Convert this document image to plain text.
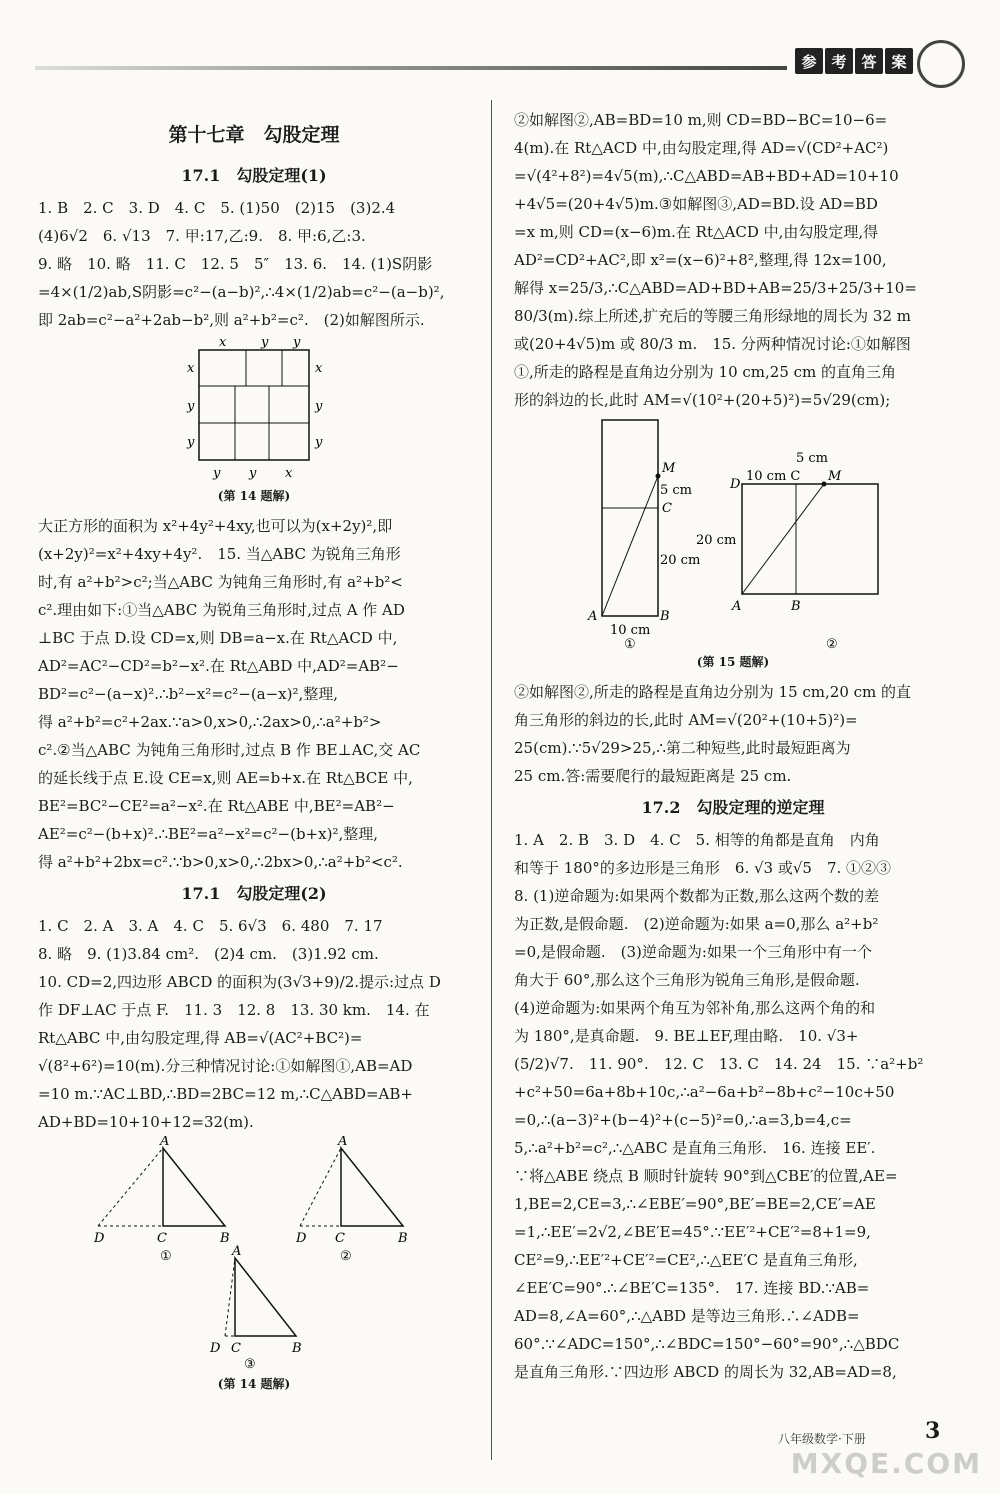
参 考 答 案

第十七章　勾股定理

17.1　勾股定理(1)

1. B　2. C　3. D　4. C　5. (1)50　(2)15　(3)2.4

(4)6√2　6. √13　7. 甲:17,乙:9.　8. 甲:6,乙:3.

9. 略　10. 略　11. C　12. 5　5″　13. 6.　14. (1)S阴影

=4×(1/2)ab,S阴影=c²−(a−b)²,∴4×(1/2)ab=c²−(a−b)²,

即 2ab=c²−a²+2ab−b²,则 a²+b²=c².　(2)如解图所示.

x	y y
x	x
y	y
y	y
y y x

(第 14 题解)

大正方形的面积为 x²+4y²+4xy,也可以为(x+2y)²,即

(x+2y)²=x²+4xy+4y².　15. 当△ABC 为锐角三角形

时,有 a²+b²>c²;当△ABC 为钝角三角形时,有 a²+b²<

c².理由如下:①当△ABC 为锐角三角形时,过点 A 作 AD

⊥BC 于点 D.设 CD=x,则 DB=a−x.在 Rt△ACD 中,

AD²=AC²−CD²=b²−x².在 Rt△ABD 中,AD²=AB²−

BD²=c²−(a−x)².∴b²−x²=c²−(a−x)²,整理,

得 a²+b²=c²+2ax.∵a>0,x>0,∴2ax>0,∴a²+b²>

c².②当△ABC 为钝角三角形时,过点 B 作 BE⊥AC,交 AC

的延长线于点 E.设 CE=x,则 AE=b+x.在 Rt△BCE 中,

BE²=BC²−CE²=a²−x².在 Rt△ABE 中,BE²=AB²−

AE²=c²−(b+x)².∴BE²=a²−x²=c²−(b+x)²,整理,

得 a²+b²+2bx=c².∵b>0,x>0,∴2bx>0,∴a²+b²<c².

17.1　勾股定理(2)

1. C　2. A　3. A　4. C　5. 6√3　6. 480　7. 17

8. 略　9. (1)3.84 cm².　(2)4 cm.　(3)1.92 cm.

10. CD=2,四边形 ABCD 的面积为(3√3+9)/2.提示:过点 D

作 DF⊥AC 于点 F.　11. 3　12. 8　13. 30 km.　14. 在

Rt△ABC 中,由勾股定理,得 AB=√(AC²+BC²)=

√(8²+6²)=10(m).分三种情况讨论:①如解图①,AB=AD

=10 m.∵AC⊥BD,∴BD=2BC=12 m,∴C△ABD=AB+

AD+BD=10+10+12=32(m).

A
D	C	B
①
A
D C	B
②
A
D C	B
③

(第 14 题解)

②如解图②,AB=BD=10 m,则 CD=BD−BC=10−6=

4(m).在 Rt△ACD 中,由勾股定理,得 AD=√(CD²+AC²)

=√(4²+8²)=4√5(m),∴C△ABD=AB+BD+AD=10+10

+4√5=(20+4√5)m.③如解图③,AD=BD.设 AD=BD

=x m,则 CD=(x−6)m.在 Rt△ACD 中,由勾股定理,得

AD²=CD²+AC²,即 x²=(x−6)²+8²,整理,得 12x=100,

解得 x=25/3,∴C△ABD=AD+BD+AB=25/3+25/3+10=

80/3(m).综上所述,扩充后的等腰三角形绿地的周长为 32 m

或(20+4√5)m 或 80/3 m.　15. 分两种情况讨论:①如解图

①,所走的路程是直角边分别为 10 cm,25 cm 的直角三角

形的斜边的长,此时 AM=√(10²+(20+5)²)=5√29(cm);

M
5 cm
C
20 cm
A	B
10 cm
①
D
10 cm C
5 cm
M
20 cm
A	B
②

(第 15 题解)

②如解图②,所走的路程是直角边分别为 15 cm,20 cm 的直

角三角形的斜边的长,此时 AM=√(20²+(10+5)²)=

25(cm).∵5√29>25,∴第二种短些,此时最短距离为

25 cm.答:需要爬行的最短距离是 25 cm.

17.2　勾股定理的逆定理

1. A　2. B　3. D　4. C　5. 相等的角都是直角　内角

和等于 180°的多边形是三角形　6. √3 或√5　7. ①②③

8. (1)逆命题为:如果两个数都为正数,那么这两个数的差

为正数,是假命题.　(2)逆命题为:如果 a=0,那么 a²+b²

=0,是假命题.　(3)逆命题为:如果一个三角形中有一个

角大于 60°,那么这个三角形为锐角三角形,是假命题.

(4)逆命题为:如果两个角互为邻补角,那么这两个角的和

为 180°,是真命题.　9. BE⊥EF,理由略.　10. √3+

(5/2)√7.　11. 90°.　12. C　13. C　14. 24　15. ∵a²+b²

+c²+50=6a+8b+10c,∴a²−6a+b²−8b+c²−10c+50

=0,∴(a−3)²+(b−4)²+(c−5)²=0,∴a=3,b=4,c=

5,∴a²+b²=c²,∴△ABC 是直角三角形.　16. 连接 EE′.

∵将△ABE 绕点 B 顺时针旋转 90°到△CBE′的位置,AE=

1,BE=2,CE=3,∴∠EBE′=90°,BE′=BE=2,CE′=AE

=1,∴EE′=2√2,∠BE′E=45°.∵EE′²+CE′²=8+1=9,

CE²=9,∴EE′²+CE′²=CE²,∴△EE′C 是直角三角形,

∠EE′C=90°.∴∠BE′C=135°.　17. 连接 BD.∵AB=

AD=8,∠A=60°,∴△ABD 是等边三角形.∴∠ADB=

60°.∵∠ADC=150°,∴∠BDC=150°−60°=90°,∴△BDC

是直角三角形.∵四边形 ABCD 的周长为 32,AB=AD=8,

八年级数学·下册	3
MXQE.COM
